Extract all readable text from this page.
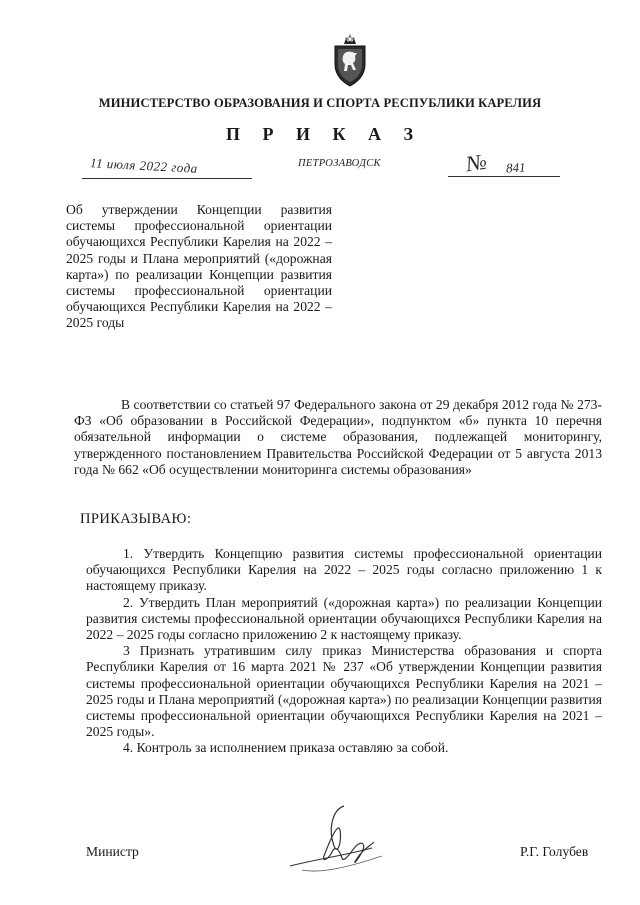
МИНИСТЕРСТВО ОБРАЗОВАНИЯ И СПОРТА РЕСПУБЛИКИ КАРЕЛИЯ
П Р И К А З
11 июля 2022 года	ПЕТРОЗАВОДСК	№ 841
Об утверждении Концепции развития системы профессиональной ориентации обучающихся Республики Карелия на 2022 – 2025 годы и Плана мероприятий («дорожная карта») по реализации Концепции развития системы профессиональной ориентации обучающихся Республики Карелия на 2022 – 2025 годы

В соответствии со статьей 97 Федерального закона от 29 декабря 2012 года № 273-ФЗ «Об образовании в Российской Федерации», подпунктом «б» пункта 10 перечня обязательной информации о системе образования, подлежащей мониторингу, утвержденного постановлением Правительства Российской Федерации от 5 августа 2013 года № 662 «Об осуществлении мониторинга системы образования»

ПРИКАЗЫВАЮ:

1. Утвердить Концепцию развития системы профессиональной ориентации обучающихся Республики Карелия на 2022 – 2025 годы согласно приложению 1 к настоящему приказу.

2. Утвердить План мероприятий («дорожная карта») по реализации Концепции развития системы профессиональной ориентации обучающихся Республики Карелия на 2022 – 2025 годы согласно приложению 2 к настоящему приказу.

3 Признать утратившим силу приказ Министерства образования и спорта Республики Карелия от 16 марта 2021 № 237 «Об утверждении Концепции развития системы профессиональной ориентации обучающихся Республики Карелия на 2021 – 2025 годы и Плана мероприятий («дорожная карта») по реализации Концепции развития системы профессиональной ориентации обучающихся Республики Карелия на 2021 – 2025 годы».

4. Контроль за исполнением приказа оставляю за собой.

Министр	Р.Г. Голубев
